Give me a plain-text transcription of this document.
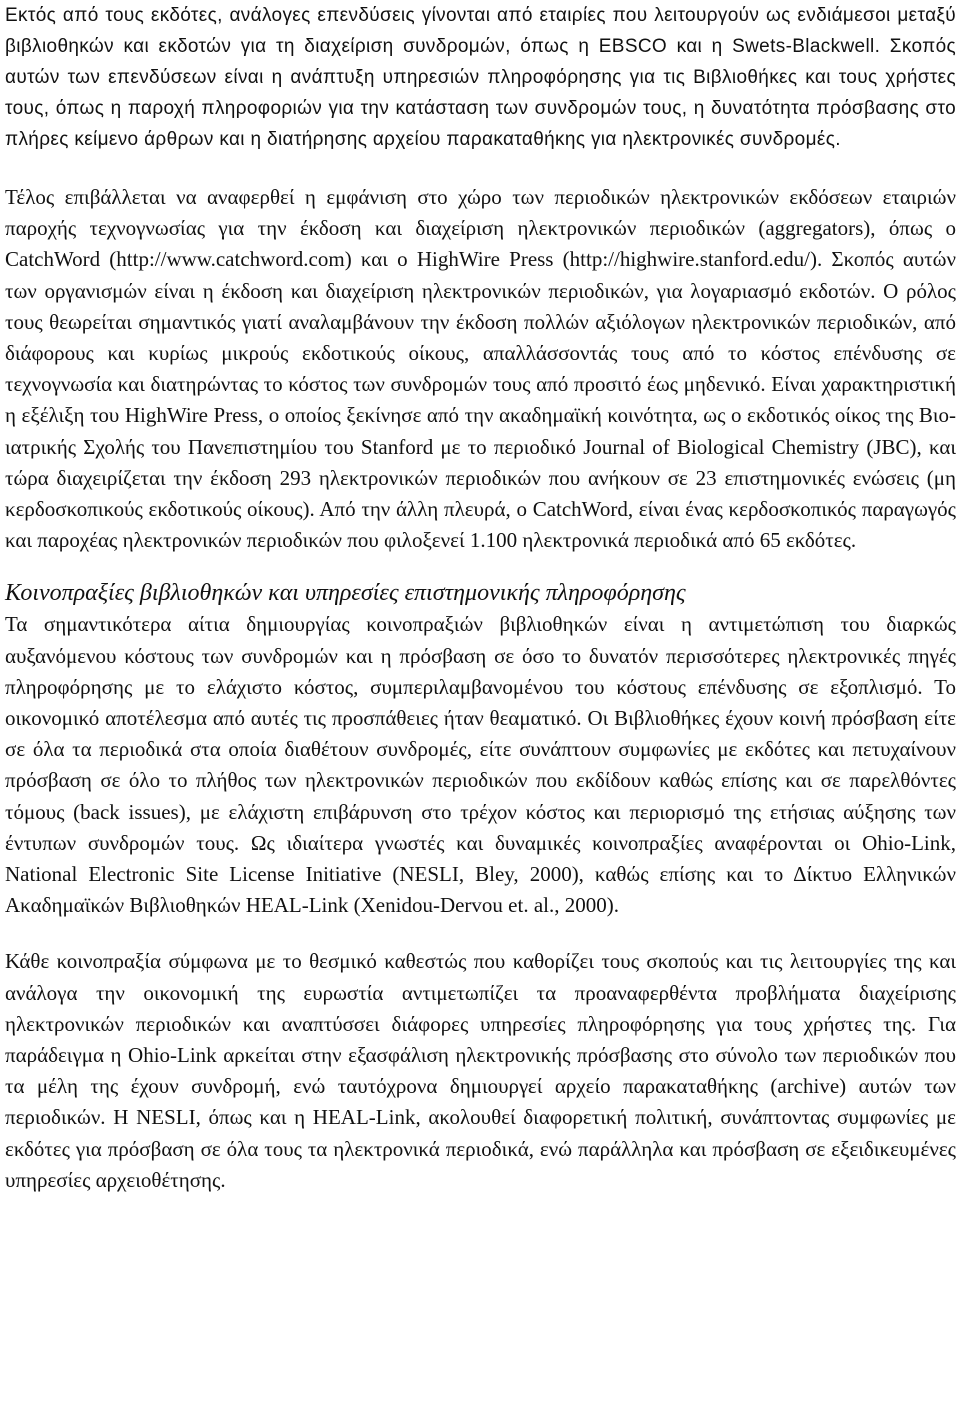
Εκτός από τους εκδότες, ανάλογες επενδύσεις γίνονται από εταιρίες που λειτουργούν ως ενδιάμεσοι μεταξύ βιβλιοθηκών και εκδοτών για τη διαχείριση συνδρομών, όπως η EBSCO και η Swets-Blackwell. Σκοπός αυτών των επενδύσεων είναι η ανάπτυξη υπηρεσιών πληροφόρησης για τις Βιβλιοθήκες και τους χρήστες τους, όπως η παροχή πληροφοριών για την κατάσταση των συνδρομών τους, η δυνατότητα πρόσβασης στο πλήρες κείμενο άρθρων και η διατήρησης αρχείου παρακαταθήκης για ηλεκτρονικές συνδρομές.

Τέλος επιβάλλεται να αναφερθεί η εμφάνιση στο χώρο των περιοδικών ηλεκτρονικών εκδόσεων εταιριών παροχής τεχνογνωσίας για την έκδοση και διαχείριση ηλεκτρονικών περιοδικών (aggregators), όπως ο CatchWord (http://www.catchword.com) και ο HighWire Press (http://highwire.stanford.edu/). Σκοπός αυτών των οργανισμών είναι η έκδοση και διαχείριση ηλεκτρονικών περιοδικών, για λογαριασμό εκδοτών. Ο ρόλος τους θεωρείται σημαντικός γιατί αναλαμβάνουν την έκδοση πολλών αξιόλογων ηλεκτρονικών περιοδικών, από διάφορους και κυρίως μικρούς εκδοτικούς οίκους, απαλλάσσοντάς τους από το κόστος επένδυσης σε τεχνογνωσία και διατηρώντας το κόστος των συνδρομών τους από προσιτό έως μηδενικό. Είναι χαρακτηριστική η εξέλιξη του HighWire Press, ο οποίος ξεκίνησε από την ακαδημαϊκή κοινότητα, ως ο εκδοτικός οίκος της Βιο-ιατρικής Σχολής του Πανεπιστημίου του Stanford με το περιοδικό Journal of Biological Chemistry (JBC), και τώρα διαχειρίζεται την έκδοση 293 ηλεκτρονικών περιοδικών που ανήκουν σε 23 επιστημονικές ενώσεις (μη κερδοσκοπικούς εκδοτικούς οίκους). Από την άλλη πλευρά, ο CatchWord, είναι ένας κερδοσκοπικός παραγωγός και παροχέας ηλεκτρονικών περιοδικών που φιλοξενεί 1.100 ηλεκτρονικά περιοδικά από 65 εκδότες.

Κοινοπραξίες βιβλιοθηκών και υπηρεσίες επιστημονικής πληροφόρησης

Τα σημαντικότερα αίτια δημιουργίας κοινοπραξιών βιβλιοθηκών είναι η αντιμετώπιση του διαρκώς αυξανόμενου κόστους των συνδρομών και η πρόσβαση σε όσο το δυνατόν περισσότερες ηλεκτρονικές πηγές πληροφόρησης με το ελάχιστο κόστος, συμπεριλαμβανομένου του κόστους επένδυσης σε εξοπλισμό. Το οικονομικό αποτέλεσμα από αυτές τις προσπάθειες ήταν θεαματικό. Οι Βιβλιοθήκες έχουν κοινή πρόσβαση είτε σε όλα τα περιοδικά στα οποία διαθέτουν συνδρομές, είτε συνάπτουν συμφωνίες με εκδότες και πετυχαίνουν πρόσβαση σε όλο το πλήθος των ηλεκτρονικών περιοδικών που εκδίδουν καθώς επίσης και σε παρελθόντες τόμους (back issues), με ελάχιστη επιβάρυνση στο τρέχον κόστος και περιορισμό της ετήσιας αύξησης των έντυπων συνδρομών τους. Ως ιδιαίτερα γνωστές και δυναμικές κοινοπραξίες αναφέρονται οι Ohio-Link, National Electronic Site License Initiative (NESLI, Bley, 2000), καθώς επίσης και το Δίκτυο Ελληνικών Ακαδημαϊκών Βιβλιοθηκών HEAL-Link (Xenidou-Dervou et. al., 2000).

Κάθε κοινοπραξία σύμφωνα με το θεσμικό καθεστώς που καθορίζει τους σκοπούς και τις λειτουργίες της και ανάλογα την οικονομική της ευρωστία αντιμετωπίζει τα προαναφερθέντα προβλήματα διαχείρισης ηλεκτρονικών περιοδικών και αναπτύσσει διάφορες υπηρεσίες πληροφόρησης για τους χρήστες της. Για παράδειγμα η Ohio-Link αρκείται στην εξασφάλιση ηλεκτρονικής πρόσβασης στο σύνολο των περιοδικών που τα μέλη της έχουν συνδρομή, ενώ ταυτόχρονα δημιουργεί αρχείο παρακαταθήκης (archive) αυτών των περιοδικών. Η NESLI, όπως και η HEAL-Link, ακολουθεί διαφορετική πολιτική, συνάπτοντας συμφωνίες με εκδότες για πρόσβαση σε όλα τους τα ηλεκτρονικά περιοδικά, ενώ παράλληλα και πρόσβαση σε εξειδικευμένες υπηρεσίες αρχειοθέτησης.
